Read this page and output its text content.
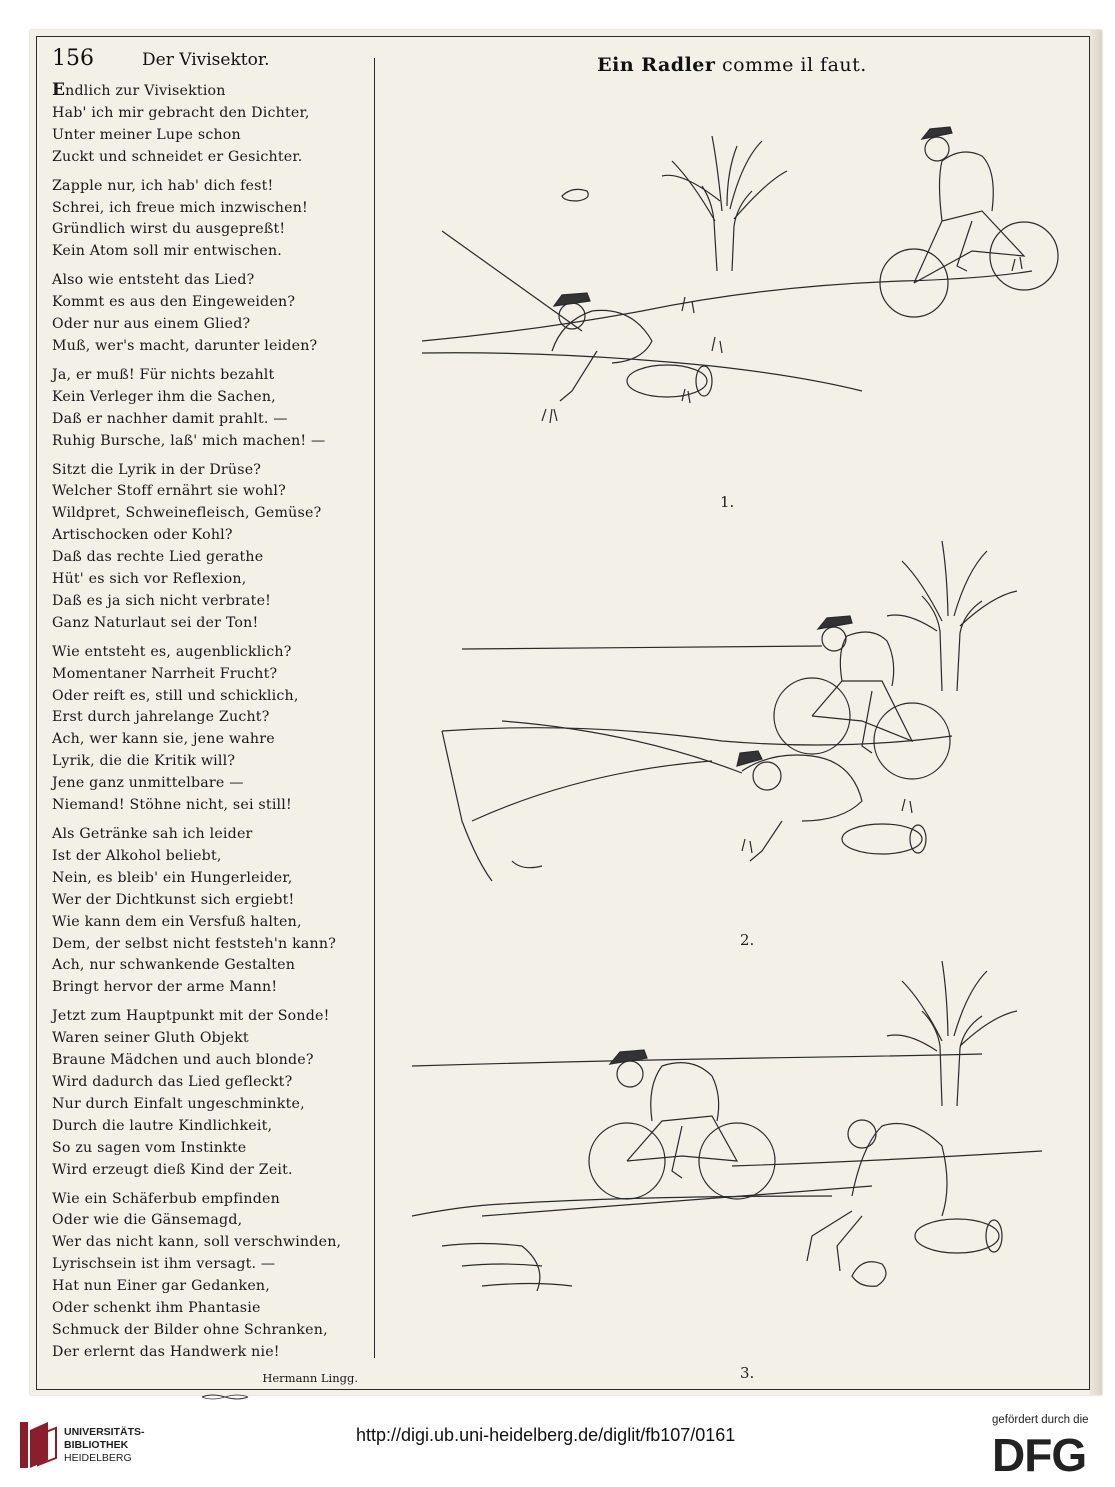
156	Der Vivisektor.
Endlich zur Vivisektion
Hab' ich mir gebracht den Dichter,
Unter meiner Lupe schon
Zuckt und schneidet er Gesichter.
Zapple nur, ich hab' dich fest!
Schrei, ich freue mich inzwischen!
Gründlich wirst du ausgepreßt!
Kein Atom soll mir entwischen.
Also wie entsteht das Lied?
Kommt es aus den Eingeweiden?
Oder nur aus einem Glied?
Muß, wer's macht, darunter leiden?
Ja, er muß! Für nichts bezahlt
Kein Verleger ihm die Sachen,
Daß er nachher damit prahlt. —
Ruhig Bursche, laß' mich machen! —
Sitzt die Lyrik in der Drüse?
Welcher Stoff ernährt sie wohl?
Wildpret, Schweinefleisch, Gemüse?
Artischocken oder Kohl?
Daß das rechte Lied gerathe
Hüt' es sich vor Reflexion,
Daß es ja sich nicht verbrate!
Ganz Naturlaut sei der Ton!
Wie entsteht es, augenblicklich?
Momentaner Narrheit Frucht?
Oder reift es, still und schicklich,
Erst durch jahrelange Zucht?
Ach, wer kann sie, jene wahre
Lyrik, die die Kritik will?
Jene ganz unmittelbare —
Niemand! Stöhne nicht, sei still!
Als Getränke sah ich leider
Ist der Alkohol beliebt,
Nein, es bleib' ein Hungerleider,
Wer der Dichtkunst sich ergiebt!
Wie kann dem ein Versfuß halten,
Dem, der selbst nicht feststeh'n kann?
Ach, nur schwankende Gestalten
Bringt hervor der arme Mann!
Jetzt zum Hauptpunkt mit der Sonde!
Waren seiner Gluth Objekt
Braune Mädchen und auch blonde?
Wird dadurch das Lied gefleckt?
Nur durch Einfalt ungeschminkte,
Durch die lautre Kindlichkeit,
So zu sagen vom Instinkte
Wird erzeugt dieß Kind der Zeit.
Wie ein Schäferbub empfinden
Oder wie die Gänsemagd,
Wer das nicht kann, soll verschwinden,
Lyrischsein ist ihm versagt. —
Hat nun Einer gar Gedanken,
Oder schenkt ihm Phantasie
Schmuck der Bilder ohne Schranken,
Der erlernt das Handwerk nie!
Hermann Lingg.
Ein Radler comme il faut.
1.
2.
3.
UNIVERSITÄTS-
BIBLIOTHEK
HEIDELBERG
http://digi.ub.uni-heidelberg.de/diglit/fb107/0161
gefördert durch die
DFG
